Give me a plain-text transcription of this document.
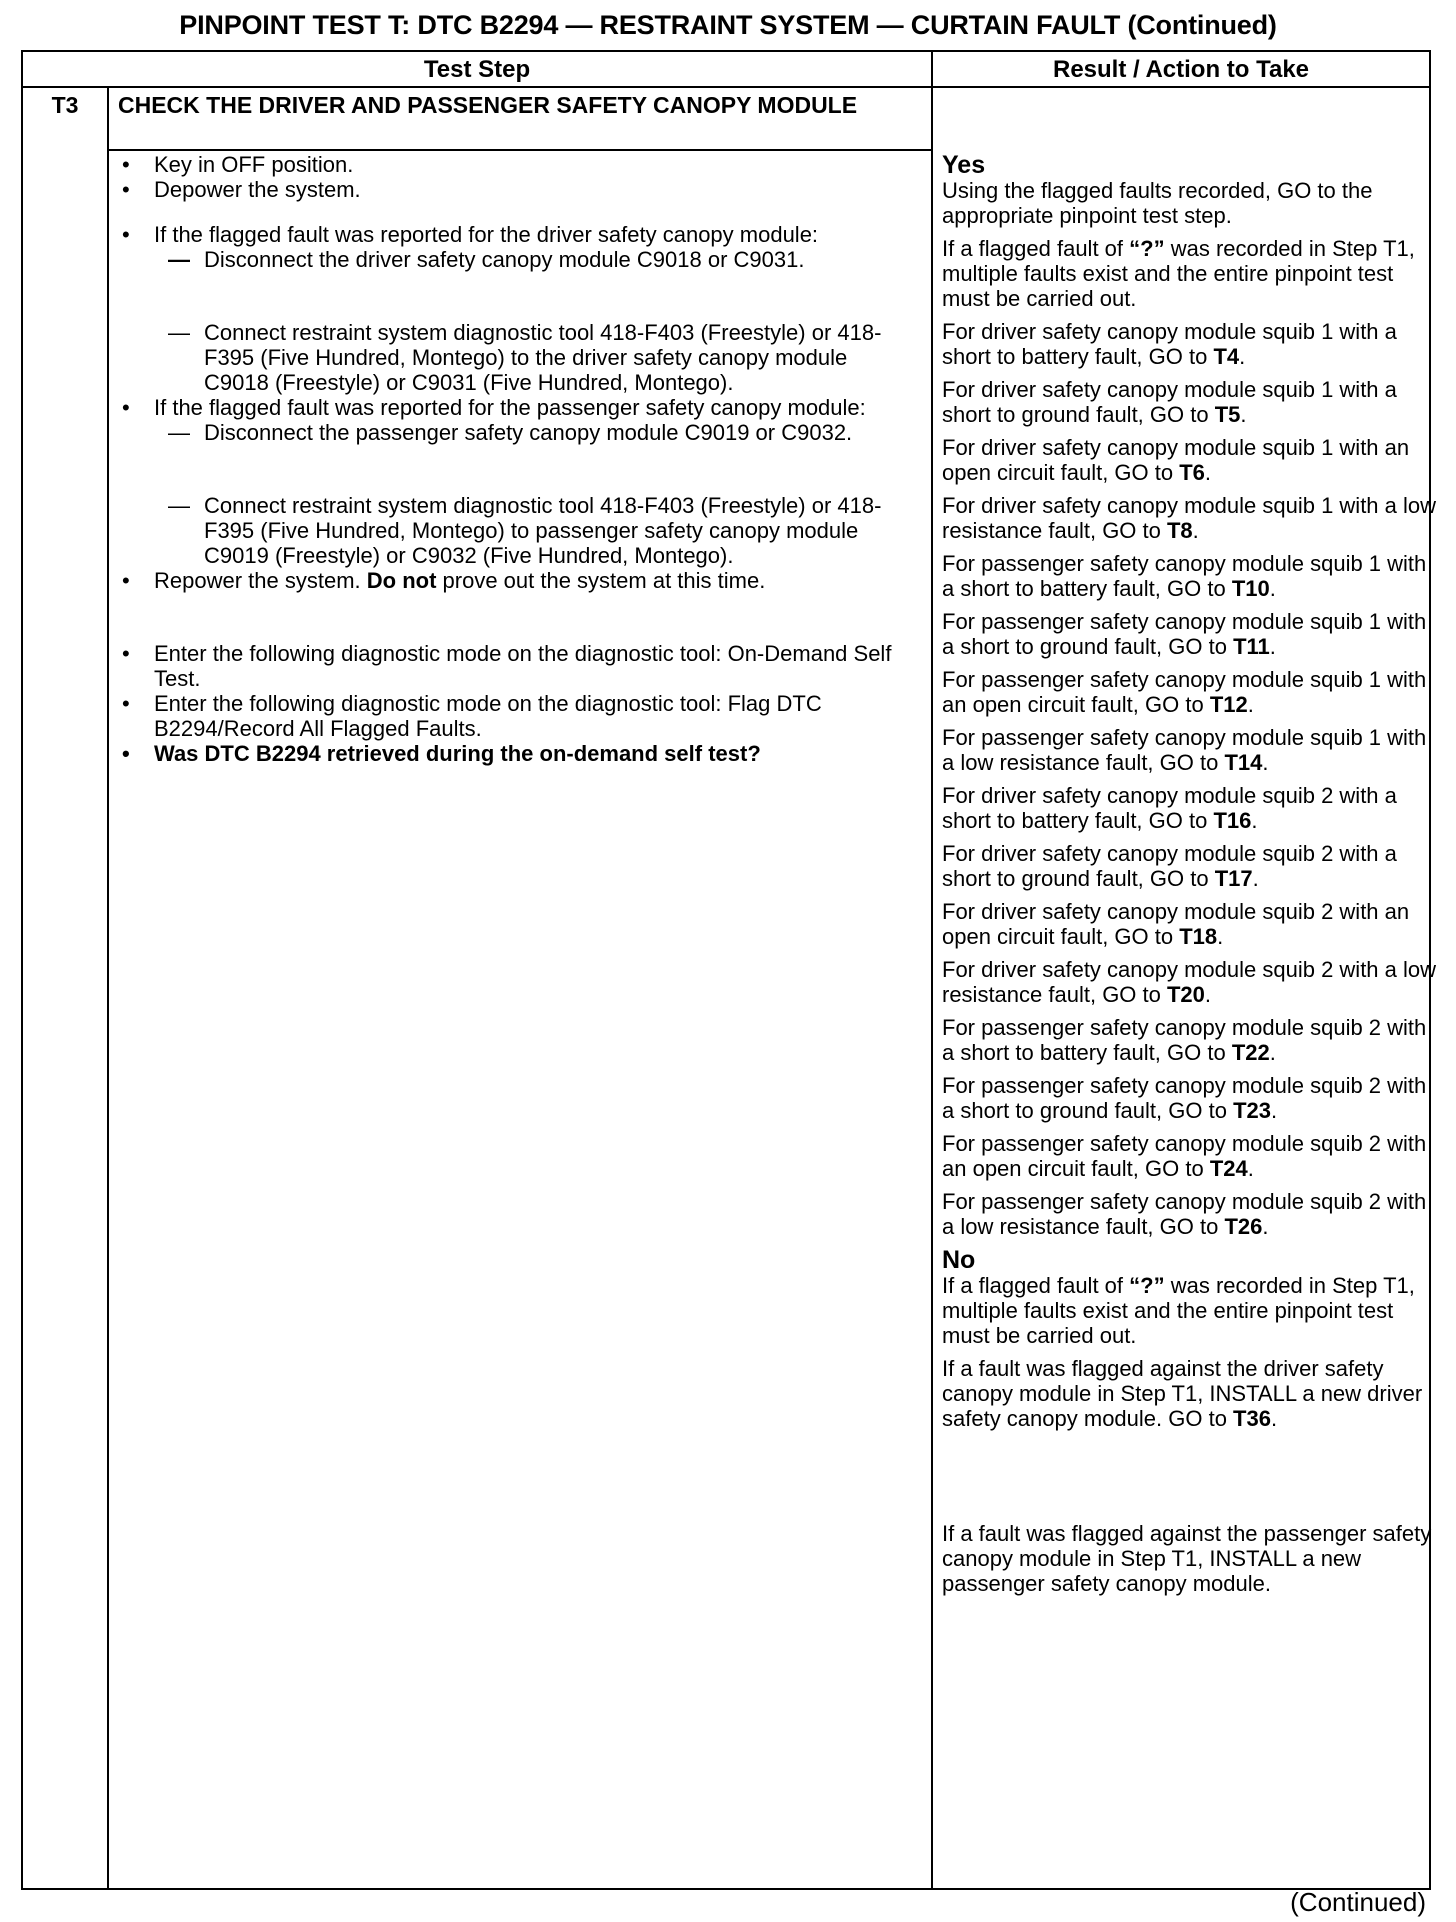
PINPOINT TEST T: DTC B2294 — RESTRAINT SYSTEM — CURTAIN FAULT (Continued)
Test Step	Result / Action to Take
T3	CHECK THE DRIVER AND PASSENGER SAFETY CANOPY MODULE
• Key in OFF position.
• Depower the system.
• If the flagged fault was reported for the driver safety canopy module:
— Disconnect the driver safety canopy module C9018 or C9031.
— Connect restraint system diagnostic tool 418-F403 (Freestyle) or 418-F395 (Five Hundred, Montego) to the driver safety canopy module C9018 (Freestyle) or C9031 (Five Hundred, Montego).
• If the flagged fault was reported for the passenger safety canopy module:
— Disconnect the passenger safety canopy module C9019 or C9032.
— Connect restraint system diagnostic tool 418-F403 (Freestyle) or 418-F395 (Five Hundred, Montego) to passenger safety canopy module C9019 (Freestyle) or C9032 (Five Hundred, Montego).
• Repower the system. Do not prove out the system at this time.
• Enter the following diagnostic mode on the diagnostic tool: On-Demand Self Test.
• Enter the following diagnostic mode on the diagnostic tool: Flag DTC B2294/Record All Flagged Faults.
• Was DTC B2294 retrieved during the on-demand self test?
Yes

Using the flagged faults recorded, GO to the appropriate pinpoint test step.

If a flagged fault of “?” was recorded in Step T1, multiple faults exist and the entire pinpoint test must be carried out.

For driver safety canopy module squib 1 with a short to battery fault, GO to T4.

For driver safety canopy module squib 1 with a short to ground fault, GO to T5.

For driver safety canopy module squib 1 with an open circuit fault, GO to T6.

For driver safety canopy module squib 1 with a low resistance fault, GO to T8.

For passenger safety canopy module squib 1 with a short to battery fault, GO to T10.

For passenger safety canopy module squib 1 with a short to ground fault, GO to T11.

For passenger safety canopy module squib 1 with an open circuit fault, GO to T12.

For passenger safety canopy module squib 1 with a low resistance fault, GO to T14.

For driver safety canopy module squib 2 with a short to battery fault, GO to T16.

For driver safety canopy module squib 2 with a short to ground fault, GO to T17.

For driver safety canopy module squib 2 with an open circuit fault, GO to T18.

For driver safety canopy module squib 2 with a low resistance fault, GO to T20.

For passenger safety canopy module squib 2 with a short to battery fault, GO to T22.

For passenger safety canopy module squib 2 with a short to ground fault, GO to T23.

For passenger safety canopy module squib 2 with an open circuit fault, GO to T24.

For passenger safety canopy module squib 2 with a low resistance fault, GO to T26.

No

If a flagged fault of “?” was recorded in Step T1, multiple faults exist and the entire pinpoint test must be carried out.

If a fault was flagged against the driver safety canopy module in Step T1, INSTALL a new driver safety canopy module. GO to T36.

If a fault was flagged against the passenger safety canopy module in Step T1, INSTALL a new passenger safety canopy module.

(Continued)
